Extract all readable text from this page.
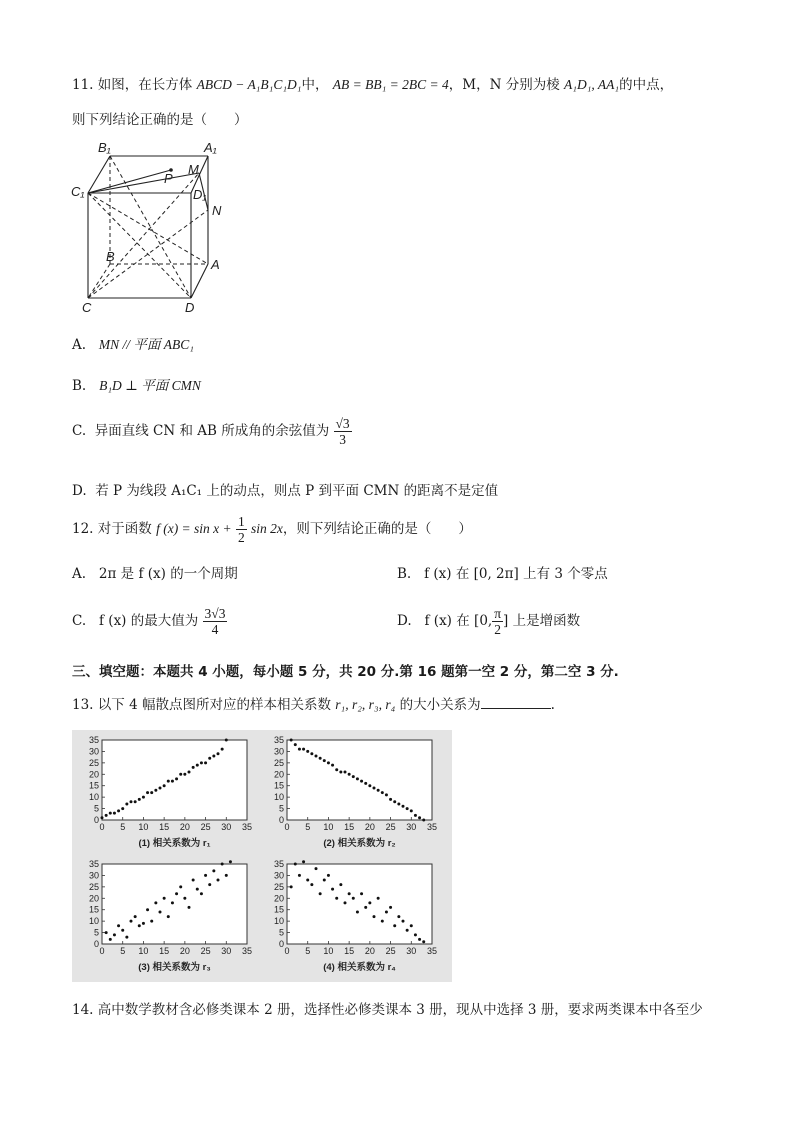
11. 如图，在长方体 ABCD − A₁B₁C₁D₁中， AB = BB₁ = 2BC = 4，M，N 分别为棱 A₁D₁, AA₁的中点，
则下列结论正确的是（　　）
B₁	A₁
P
M
C₁	D₁
N
B
A
C	D
A. MN // 平面 ABC₁
B. B₁D ⊥ 平面 CMN
C. 异面直线 CN 和 AB 所成角的余弦值为 $\frac{√3}{3}$
D. 若 P 为线段 A₁C₁ 上的动点，则点 P 到平面 CMN 的距离不是定值
12. 对于函数 f $(x) = \sin x + \frac{1}{2}$ sin 2x，则下列结论正确的是（　　）
A. 2π 是 f (x) 的一个周期	B. f (x) 在 [0, 2π] 上有 3 个零点
C. f (x) 的最大值为 $\frac{3√3}{4}$	D. f (x) 在 [0, $\frac{\pi}{2}$ ] 上是增函数
三、填空题：本题共 4 小题，每小题 5 分，共 20 分.第 16 题第一空 2 分，第二空 3 分.
13. 以下 4 幅散点图所对应的样本相关系数 r₁, r₂, r₃, r₄ 的大小关系为	.
0 5 10 15 20 25 30 35
0
5
10
15
20
25
30
35
(1) 相关系数为 r₁
0 5 10 15 20 25 30 35
0
5
10
15
20
25
30
35
(2) 相关系数为 r₂
0 5 10 15 20 25 30 35
0
5
10
15
20
25
30
35
(3) 相关系数为 r₃
0 5 10 15 20 25 30 35
0
5
10
15
20
25
30
35
(4) 相关系数为 r₄
14. 高中数学教材含必修类课本 2 册，选择性必修类课本 3 册，现从中选择 3 册，要求两类课本中各至少
